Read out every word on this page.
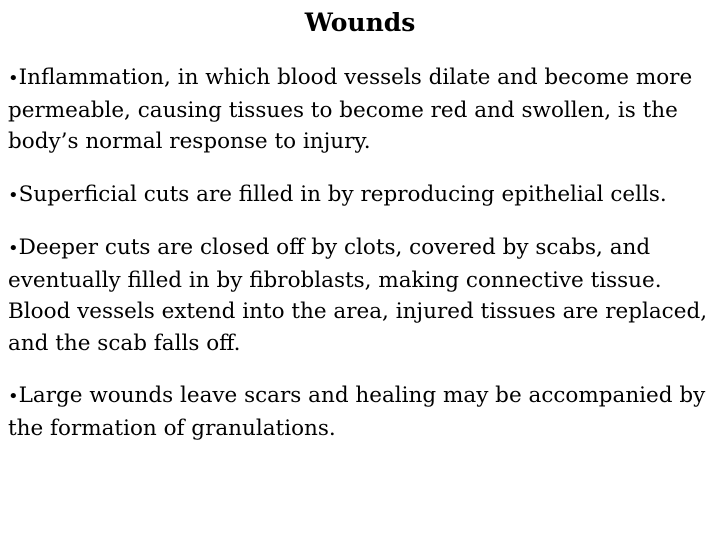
Wounds
•Inflammation, in which blood vessels dilate and become more permeable, causing tissues to become red and swollen, is the body’s normal response to injury.
•Superficial cuts are filled in by reproducing epithelial cells.
•Deeper cuts are closed off by clots, covered by scabs, and eventually filled in by fibroblasts, making connective tissue. Blood vessels extend into the area, injured tissues are replaced, and the scab falls off.
•Large wounds leave scars and healing may be accompanied by the formation of granulations.
